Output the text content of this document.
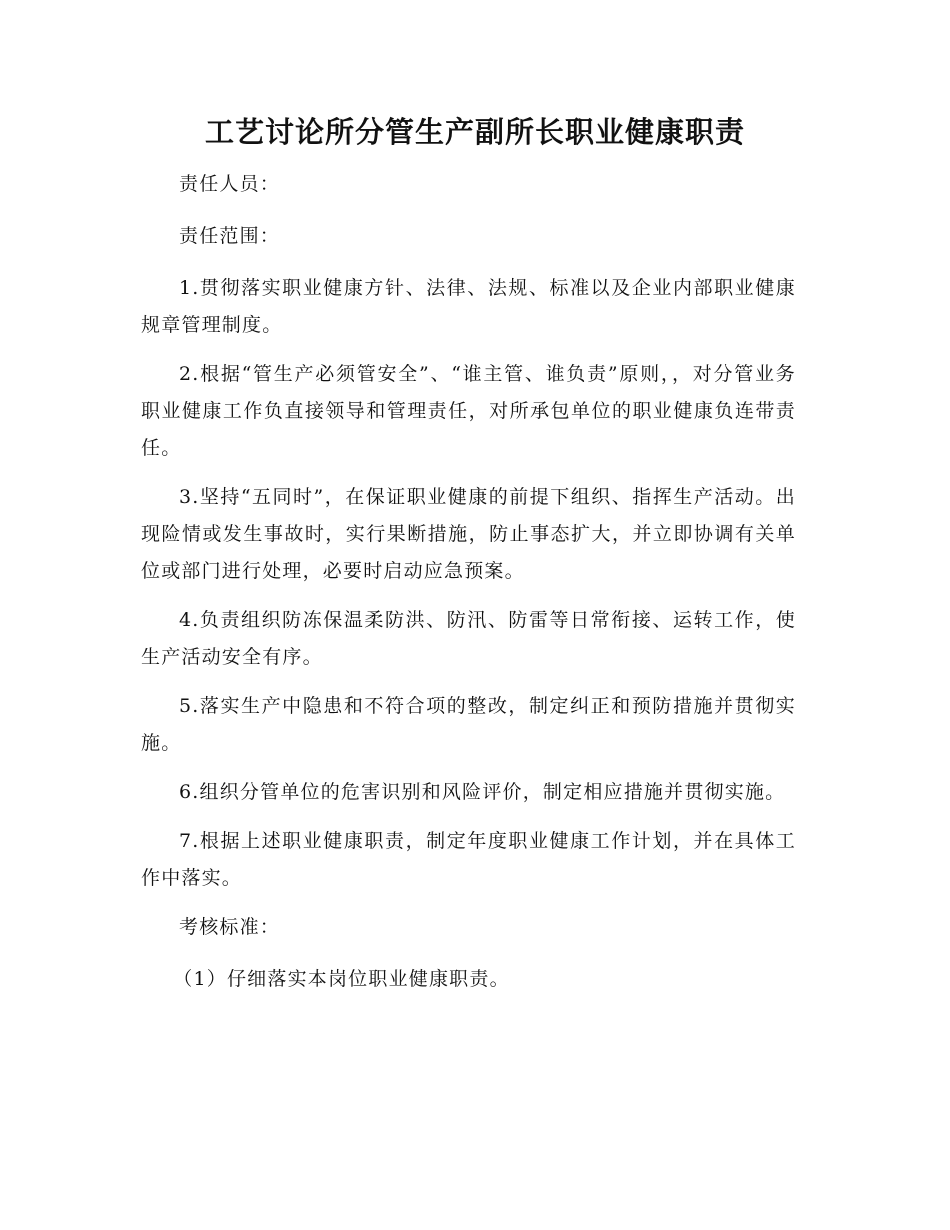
工艺讨论所分管生产副所长职业健康职责

责任人员：

责任范围：

1.贯彻落实职业健康方针、法律、法规、标准以及企业内部职业健康规章管理制度。

2.根据“管生产必须管安全”、“谁主管、谁负责”原则，，对分管业务职业健康工作负直接领导和管理责任，对所承包单位的职业健康负连带责任。

3.坚持“五同时”，在保证职业健康的前提下组织、指挥生产活动。出现险情或发生事故时，实行果断措施，防止事态扩大，并立即协调有关单位或部门进行处理，必要时启动应急预案。

4.负责组织防冻保温柔防洪、防汛、防雷等日常衔接、运转工作，使生产活动安全有序。

5.落实生产中隐患和不符合项的整改，制定纠正和预防措施并贯彻实施。

6.组织分管单位的危害识别和风险评价，制定相应措施并贯彻实施。

7.根据上述职业健康职责，制定年度职业健康工作计划，并在具体工作中落实。

考核标准：

（1）仔细落实本岗位职业健康职责。
